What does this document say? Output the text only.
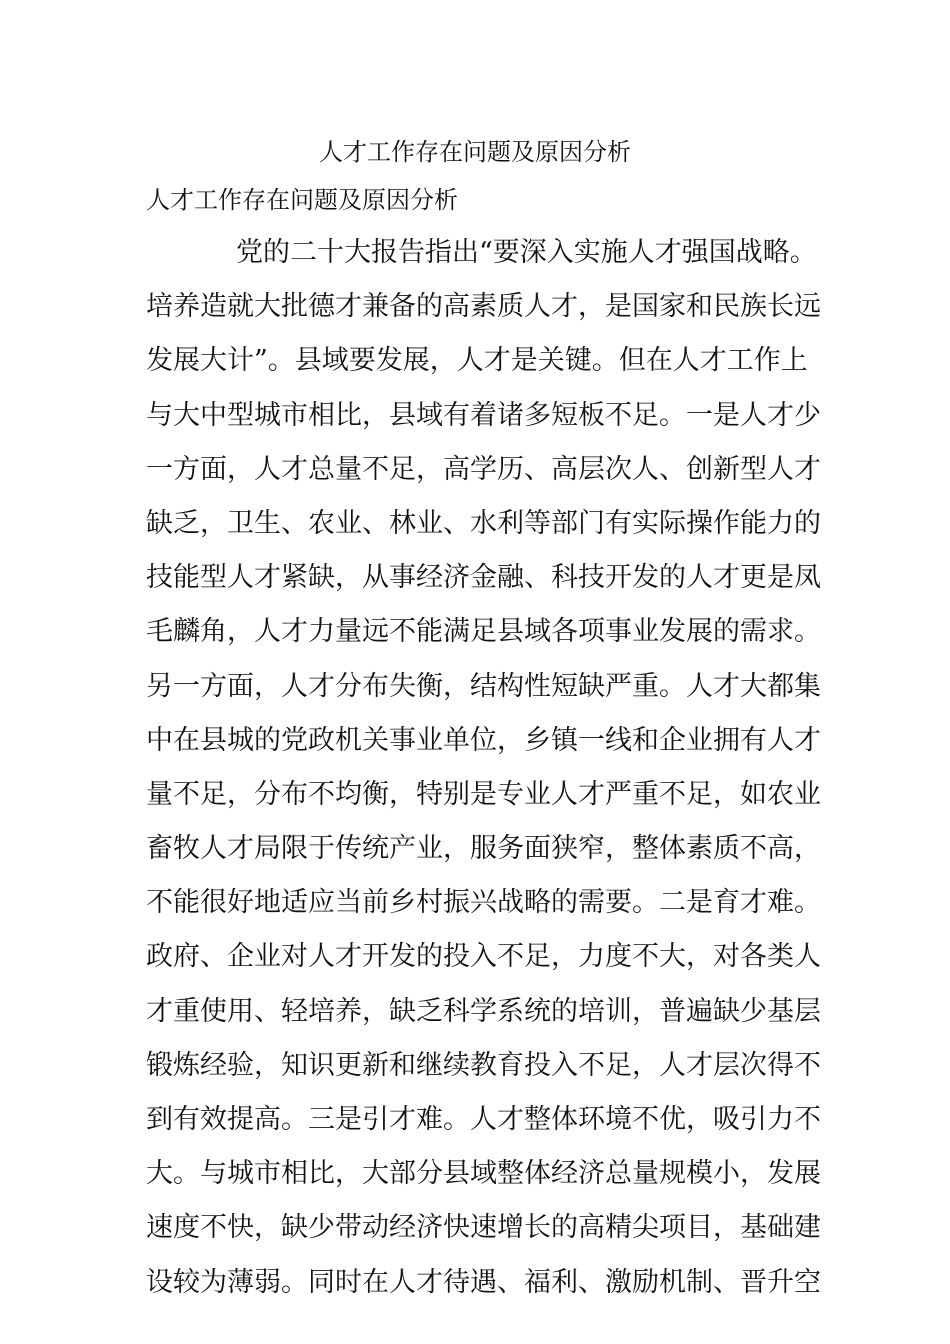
人才工作存在问题及原因分析
人才工作存在问题及原因分析
党的二十大报告指出“要深入实施人才强国战略。
培养造就大批德才兼备的高素质人才，是国家和民族长远
发展大计”。县域要发展，人才是关键。但在人才工作上
与大中型城市相比，县域有着诸多短板不足。一是人才少
一方面，人才总量不足，高学历、高层次人、创新型人才
缺乏，卫生、农业、林业、水利等部门有实际操作能力的
技能型人才紧缺，从事经济金融、科技开发的人才更是凤
毛麟角，人才力量远不能满足县域各项事业发展的需求。
另一方面，人才分布失衡，结构性短缺严重。人才大都集
中在县城的党政机关事业单位，乡镇一线和企业拥有人才
量不足，分布不均衡，特别是专业人才严重不足，如农业
畜牧人才局限于传统产业，服务面狭窄，整体素质不高，
不能很好地适应当前乡村振兴战略的需要。二是育才难。
政府、企业对人才开发的投入不足，力度不大，对各类人
才重使用、轻培养，缺乏科学系统的培训，普遍缺少基层
锻炼经验，知识更新和继续教育投入不足，人才层次得不
到有效提高。三是引才难。人才整体环境不优，吸引力不
大。与城市相比，大部分县域整体经济总量规模小，发展
速度不快，缺少带动经济快速增长的高精尖项目，基础建
设较为薄弱。同时在人才待遇、福利、激励机制、晋升空
